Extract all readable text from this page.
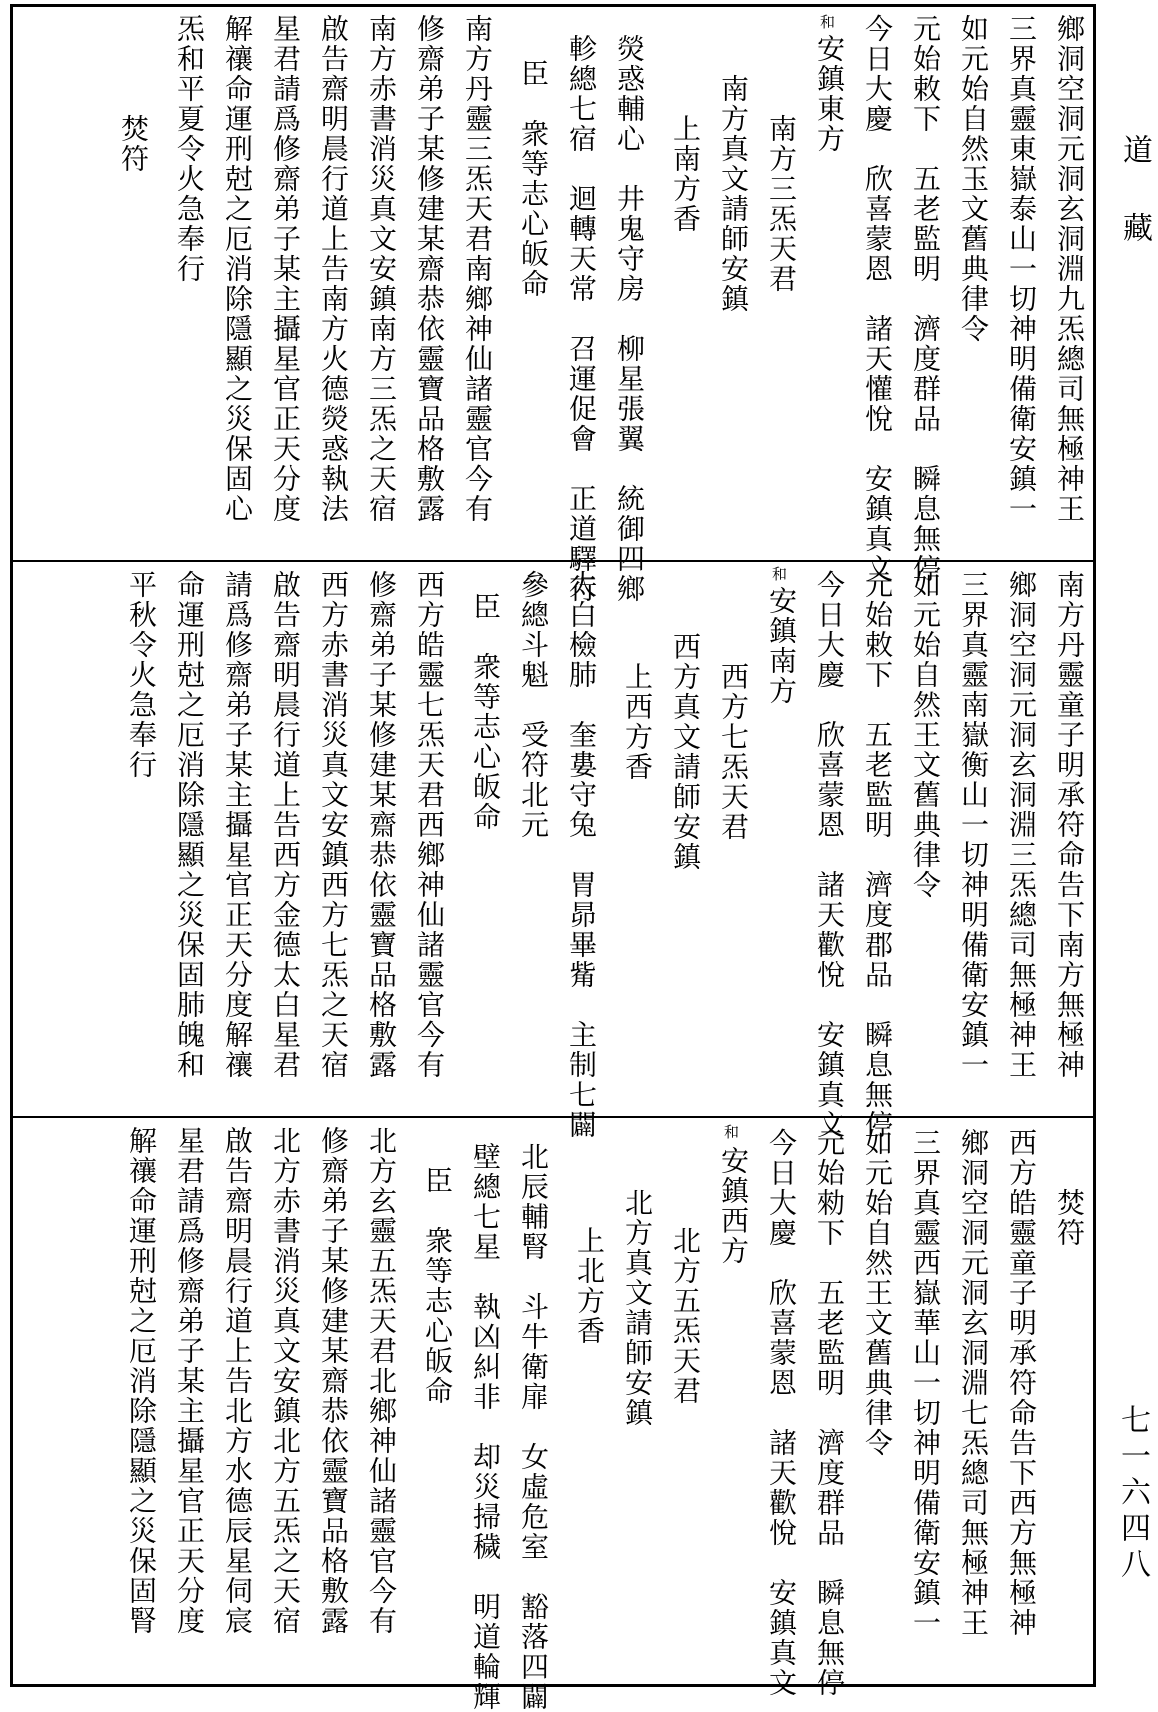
道藏
七一六四八
鄉洞空洞元洞玄洞淵九炁總司無極神王
三界真靈東嶽泰山一切神明備衛安鎮一
如元始自然玉文舊典律令
元始敕下　五老監明　濟度群品　瞬息無停
今日大慶　欣喜蒙恩　諸天懽悅　安鎮真文
安鎮東方
和
南方三炁天君
南方真文請師安鎮
上南方香
熒惑輔心　井鬼守房　柳星張翼　統御四鄉
軫總七宿　迴轉天常　召運促會　正道驛行
臣　衆等志心皈命
南方丹靈三炁天君南鄉神仙諸靈官今有
修齋弟子某修建某齋恭依靈寶品格敷露
南方赤書消災真文安鎮南方三炁之天宿
啟告齋明晨行道上告南方火德熒惑執法
星君請爲修齋弟子某主攝星官正天分度
解禳命運刑尅之厄消除隱顯之災保固心
炁和平夏令火急奉行
焚符
南方丹靈童子明承符命告下南方無極神
鄉洞空洞元洞玄洞淵三炁總司無極神王
三界真靈南嶽衡山一切神明備衛安鎮一
如元始自然王文舊典律令
元始敕下　五老監明　濟度郡品　瞬息無停
今日大慶　欣喜蒙恩　諸天歡悅　安鎮真文
安鎮南方
和
西方七炁天君
西方真文請師安鎮
上西方香
太白檢肺　奎婁守兔　胃昴畢觜　主制七闢
參總斗魁　受符北元
臣　衆等志心皈命
西方皓靈七炁天君西鄉神仙諸靈官今有
修齋弟子某修建某齋恭依靈寶品格敷露
西方赤書消災真文安鎮西方七炁之天宿
啟告齋明晨行道上告西方金德太白星君
請爲修齋弟子某主攝星官正天分度解禳
命運刑尅之厄消除隱顯之災保固肺魄和
平秋令火急奉行
焚符
西方皓靈童子明承符命告下西方無極神
鄉洞空洞元洞玄洞淵七炁總司無極神王
三界真靈西嶽華山一切神明備衛安鎮一
如元始自然王文舊典律令
元始勑下　五老監明　濟度群品　瞬息無停
今日大慶　欣喜蒙恩　諸天歡悅　安鎮真文
安鎮西方
和
北方五炁天君
北方真文請師安鎮
上北方香
北辰輔腎　斗牛衛扉　女虛危室　豁落四闢
壁總七星　執凶糾非　却災掃穢　明道輪輝
臣　衆等志心皈命
北方玄靈五炁天君北鄉神仙諸靈官今有
修齋弟子某修建某齋恭依靈寶品格敷露
北方赤書消災真文安鎮北方五炁之天宿
啟告齋明晨行道上告北方水德辰星伺宸
星君請爲修齋弟子某主攝星官正天分度
解禳命運刑尅之厄消除隱顯之災保固腎
